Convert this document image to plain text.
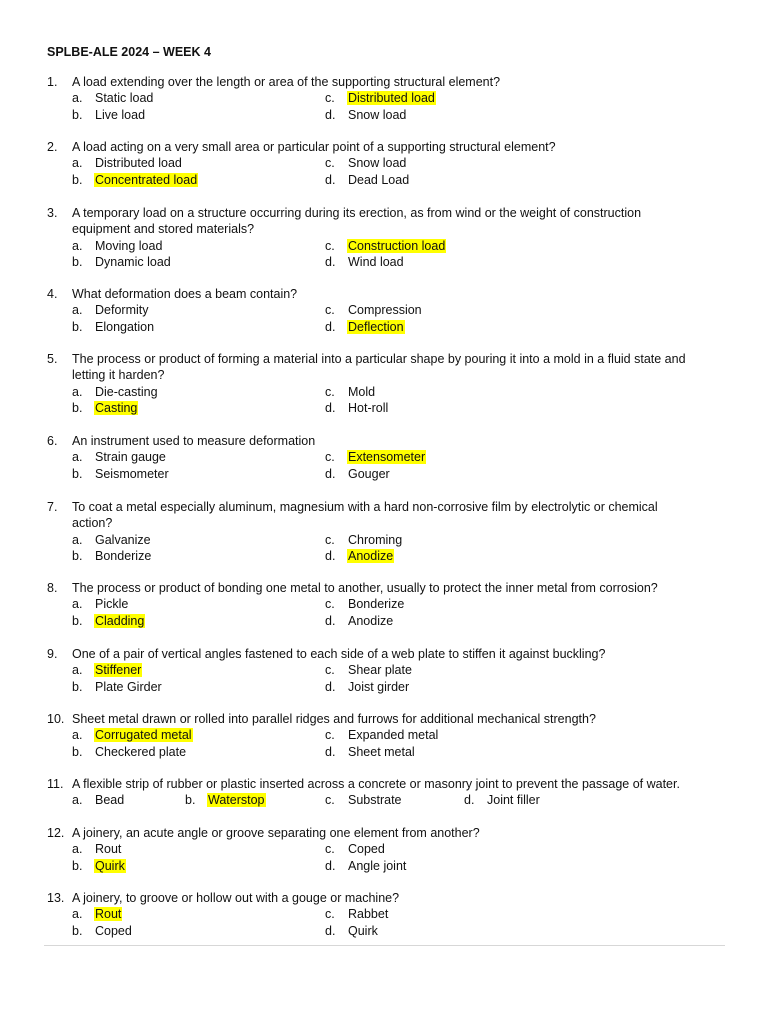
SPLBE-ALE 2024 – WEEK 4
1. A load extending over the length or area of the supporting structural element?
a. Static load	c. Distributed load
b. Live load	d. Snow load
2. A load acting on a very small area or particular point of a supporting structural element?
a. Distributed load	c. Snow load
b. Concentrated load	d. Dead Load
3. A temporary load on a structure occurring during its erection, as from wind or the weight of construction
equipment and stored materials?
a. Moving load	c. Construction load
b. Dynamic load	d. Wind load
4. What deformation does a beam contain?
a. Deformity	c. Compression
b. Elongation	d. Deflection
5. The process or product of forming a material into a particular shape by pouring it into a mold in a fluid state and
letting it harden?
a. Die-casting	c. Mold
b. Casting	d. Hot-roll
6. An instrument used to measure deformation
a. Strain gauge	c. Extensometer
b. Seismometer	d. Gouger
7. To coat a metal especially aluminum, magnesium with a hard non-corrosive film by electrolytic or chemical
action?
a. Galvanize	c. Chroming
b. Bonderize	d. Anodize
8. The process or product of bonding one metal to another, usually to protect the inner metal from corrosion?
a. Pickle	c. Bonderize
b. Cladding	d. Anodize
9. One of a pair of vertical angles fastened to each side of a web plate to stiffen it against buckling?
a. Stiffener	c. Shear plate
b. Plate Girder	d. Joist girder
10. Sheet metal drawn or rolled into parallel ridges and furrows for additional mechanical strength?
a. Corrugated metal	c. Expanded metal
b. Checkered plate	d. Sheet metal
11. A flexible strip of rubber or plastic inserted across a concrete or masonry joint to prevent the passage of water.
a. Bead	b. Waterstop	c. Substrate	d. Joint filler
12. A joinery, an acute angle or groove separating one element from another?
a. Rout	c. Coped
b. Quirk	d. Angle joint
13. A joinery, to groove or hollow out with a gouge or machine?
a. Rout	c. Rabbet
b. Coped	d. Quirk
